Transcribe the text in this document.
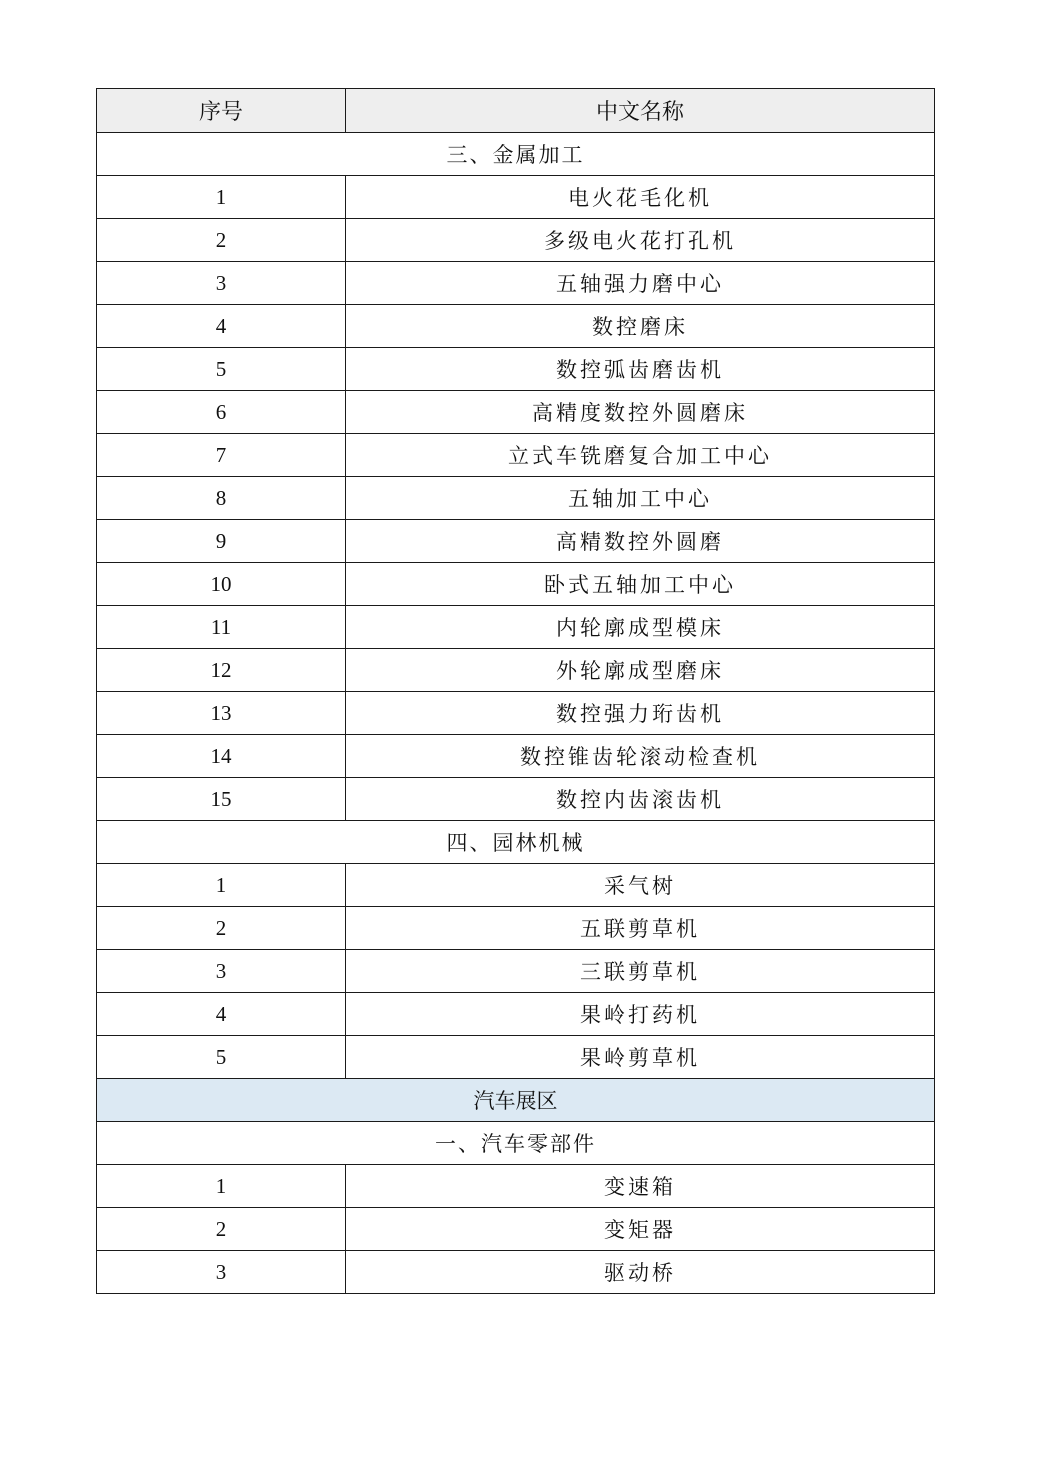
序号	中文名称
三、金属加工	
1	电火花毛化机
2	多级电火花打孔机
3	五轴强力磨中心
4	数控磨床
5	数控弧齿磨齿机
6	高精度数控外圆磨床
7	立式车铣磨复合加工中心
8	五轴加工中心
9	高精数控外圆磨
10	卧式五轴加工中心
11	内轮廓成型模床
12	外轮廓成型磨床
13	数控强力珩齿机
14	数控锥齿轮滚动检查机
15	数控内齿滚齿机
四、园林机械	
1	采气树
2	五联剪草机
3	三联剪草机
4	果岭打药机
5	果岭剪草机
汽车展区	
一、汽车零部件	
1	变速箱
2	变矩器
3	驱动桥
